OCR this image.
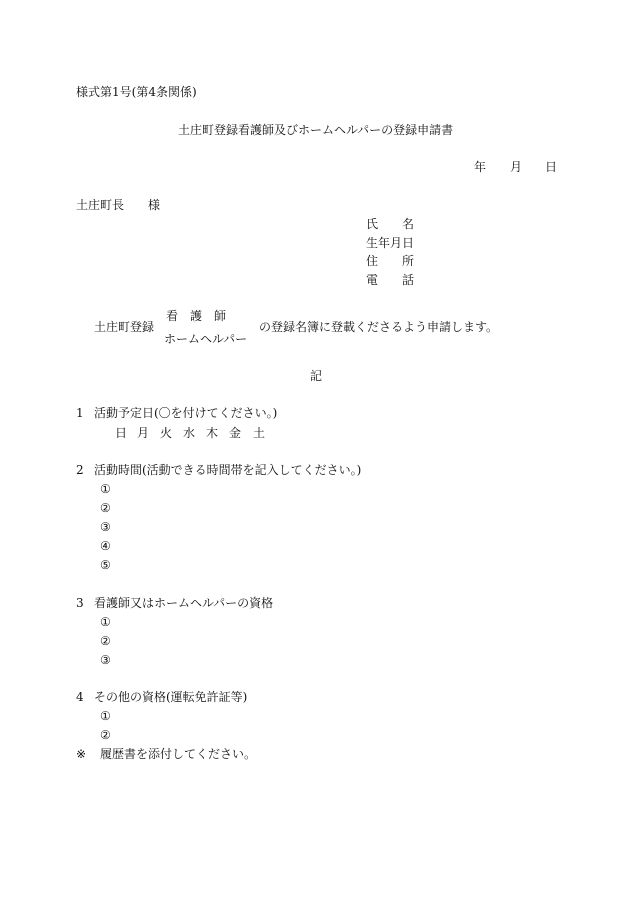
様式第1号(第4条関係)
土庄町登録看護師及びホームヘルパーの登録申請書
年 月 日
土庄町長　　様
氏　　名
生年月日
住　　所
電　　話
土庄町登録
看　護　師
ホームヘルパー
の登録名簿に登載くださるよう申請します。
記
1 活動予定日(〇を付けてください。)
日 月 火 水 木 金 土
2 活動時間(活動できる時間帯を記入してください。)
①
②
③
④
⑤
3 看護師又はホームヘルパーの資格
①
②
③
4 その他の資格(運転免許証等)
①
②
※ 履歴書を添付してください。
